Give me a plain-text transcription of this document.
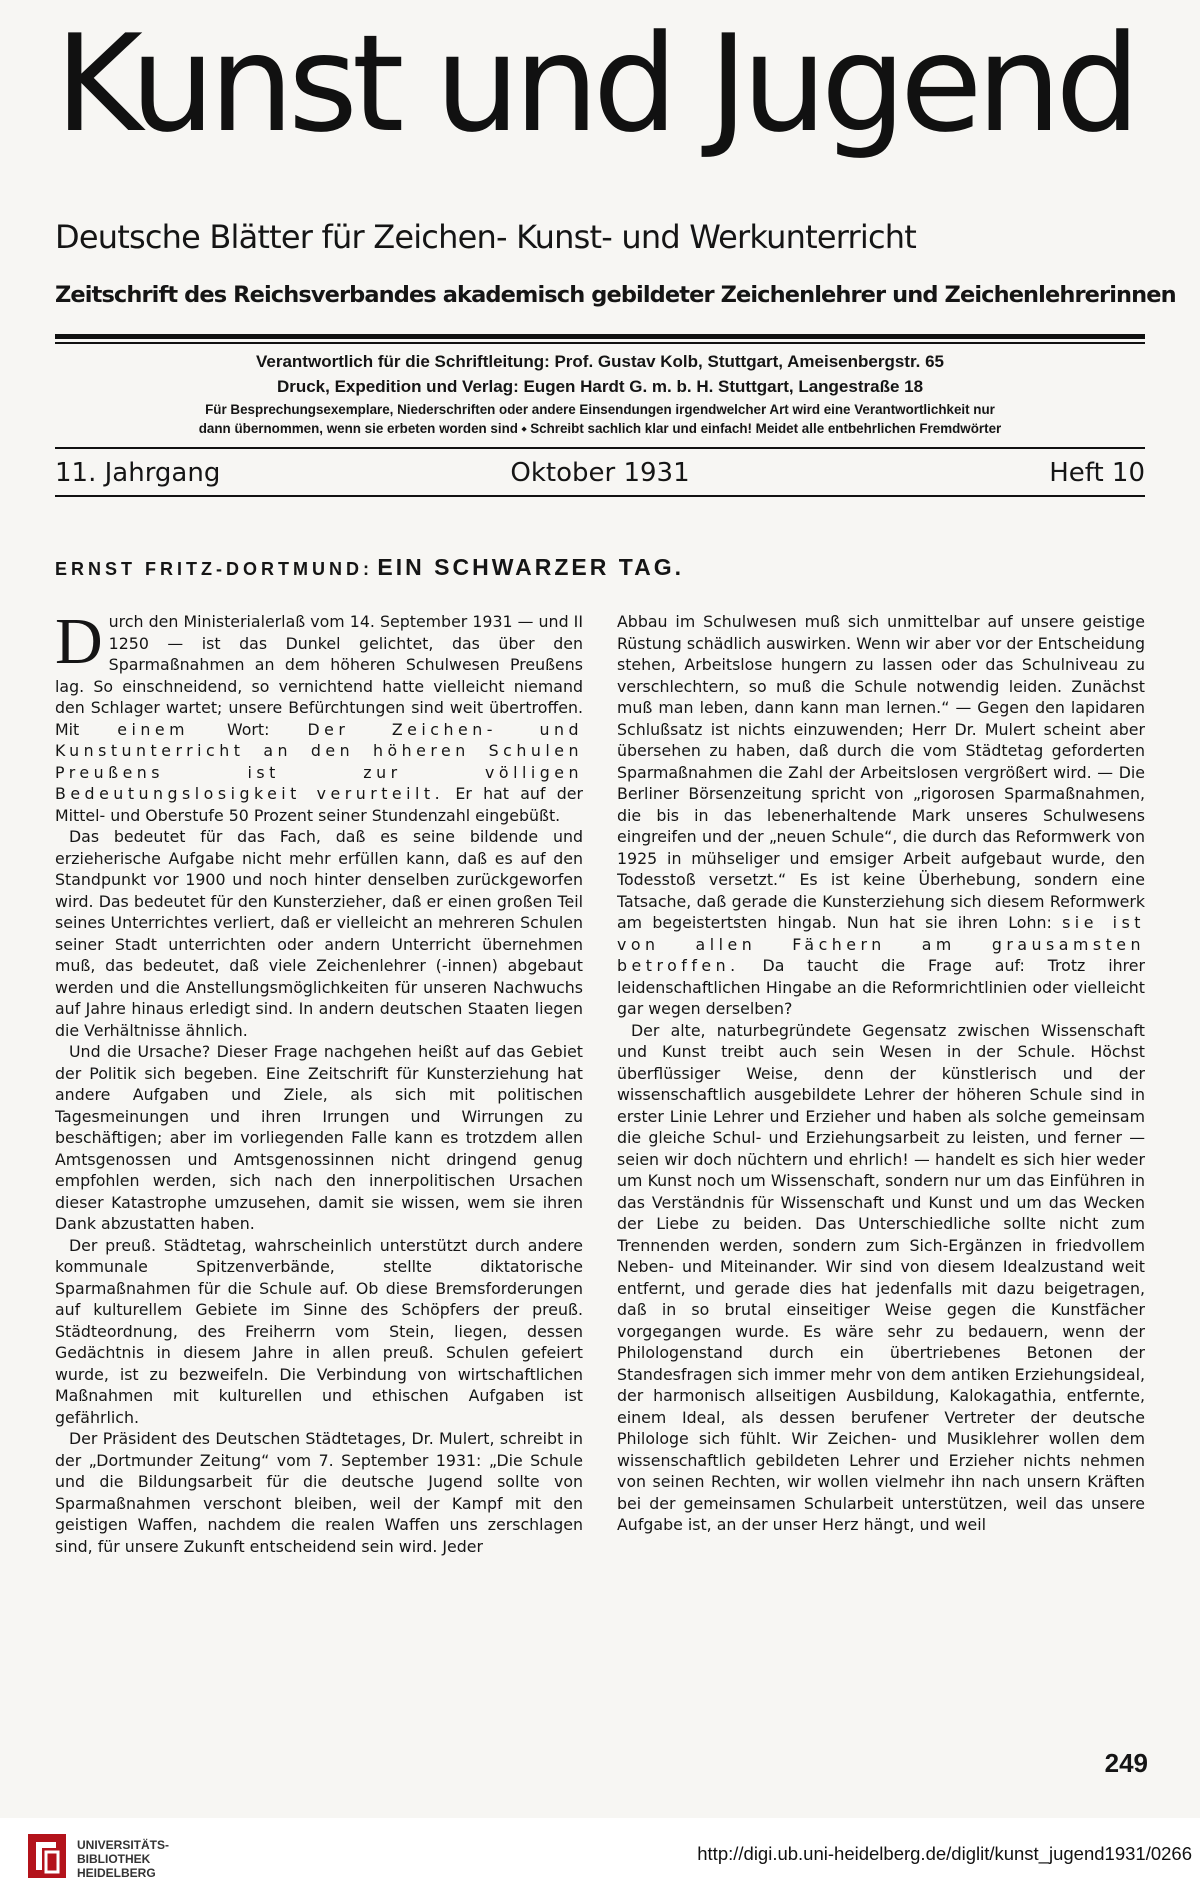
Kunst und Jugend
Deutsche Blätter für Zeichen- Kunst- und Werkunterricht
Zeitschrift des Reichsverbandes akademisch gebildeter Zeichenlehrer und Zeichenlehrerinnen
Verantwortlich für die Schriftleitung: Prof. Gustav Kolb, Stuttgart, Ameisenbergstr. 65
Druck, Expedition und Verlag: Eugen Hardt G. m. b. H. Stuttgart, Langestraße 18
Für Besprechungsexemplare, Niederschriften oder andere Einsendungen irgendwelcher Art wird eine Verantwortlichkeit nur
dann übernommen, wenn sie erbeten worden sind ⬩ Schreibt sachlich klar und einfach! Meidet alle entbehrlichen Fremdwörter
11. Jahrgang	Oktober 1931	Heft 10
ERNST FRITZ-DORTMUND: EIN SCHWARZER TAG.

Durch den Ministerialerlaß vom 14. September 1931 — und II 1250 — ist das Dunkel gelichtet, das über den Sparmaßnahmen an dem höheren Schulwesen Preußens lag. So einschneidend, so vernichtend hatte vielleicht niemand den Schlager wartet; unsere Befürchtungen sind weit übertroffen. Mit einem Wort: Der Zeichen- und Kunstunterricht an den höheren Schulen Preußens ist zur völligen Bedeutungslosigkeit verurteilt. Er hat auf der Mittel- und Oberstufe 50 Prozent seiner Stundenzahl eingebüßt.

Das bedeutet für das Fach, daß es seine bildende und erzieherische Aufgabe nicht mehr erfüllen kann, daß es auf den Standpunkt vor 1900 und noch hinter denselben zurückgeworfen wird. Das bedeutet für den Kunsterzieher, daß er einen großen Teil seines Unterrichtes verliert, daß er vielleicht an mehreren Schulen seiner Stadt unterrichten oder andern Unterricht übernehmen muß, das bedeutet, daß viele Zeichenlehrer (-innen) abgebaut werden und die Anstellungsmöglichkeiten für unseren Nachwuchs auf Jahre hinaus erledigt sind. In andern deutschen Staaten liegen die Verhältnisse ähnlich.

Und die Ursache? Dieser Frage nachgehen heißt auf das Gebiet der Politik sich begeben. Eine Zeitschrift für Kunsterziehung hat andere Aufgaben und Ziele, als sich mit politischen Tagesmeinungen und ihren Irrungen und Wirrungen zu beschäftigen; aber im vorliegenden Falle kann es trotzdem allen Amtsgenossen und Amtsgenossinnen nicht dringend genug empfohlen werden, sich nach den innerpolitischen Ursachen dieser Katastrophe umzusehen, damit sie wissen, wem sie ihren Dank abzustatten haben.

Der preuß. Städtetag, wahrscheinlich unterstützt durch andere kommunale Spitzenverbände, stellte diktatorische Sparmaßnahmen für die Schule auf. Ob diese Bremsforderungen auf kulturellem Gebiete im Sinne des Schöpfers der preuß. Städteordnung, des Freiherrn vom Stein, liegen, dessen Gedächtnis in diesem Jahre in allen preuß. Schulen gefeiert wurde, ist zu bezweifeln. Die Verbindung von wirtschaftlichen Maßnahmen mit kulturellen und ethischen Aufgaben ist gefährlich.

Der Präsident des Deutschen Städtetages, Dr. Mulert, schreibt in der „Dortmunder Zeitung“ vom 7. September 1931: „Die Schule und die Bildungsarbeit für die deutsche Jugend sollte von Sparmaßnahmen verschont bleiben, weil der Kampf mit den geistigen Waffen, nachdem die realen Waffen uns zerschlagen sind, für unsere Zukunft entscheidend sein wird. Jeder

Abbau im Schulwesen muß sich unmittelbar auf unsere geistige Rüstung schädlich auswirken. Wenn wir aber vor der Entscheidung stehen, Arbeitslose hungern zu lassen oder das Schulniveau zu verschlechtern, so muß die Schule notwendig leiden. Zunächst muß man leben, dann kann man lernen.“ — Gegen den lapidaren Schlußsatz ist nichts einzuwenden; Herr Dr. Mulert scheint aber übersehen zu haben, daß durch die vom Städtetag geforderten Sparmaßnahmen die Zahl der Arbeitslosen vergrößert wird. — Die Berliner Börsenzeitung spricht von „rigorosen Sparmaßnahmen, die bis in das lebenerhaltende Mark unseres Schulwesens eingreifen und der „neuen Schule“, die durch das Reformwerk von 1925 in mühseliger und emsiger Arbeit aufgebaut wurde, den Todesstoß versetzt.“ Es ist keine Überhebung, sondern eine Tatsache, daß gerade die Kunsterziehung sich diesem Reformwerk am begeistertsten hingab. Nun hat sie ihren Lohn: sie ist von allen Fächern am grausamsten betroffen. Da taucht die Frage auf: Trotz ihrer leidenschaftlichen Hingabe an die Reformrichtlinien oder vielleicht gar wegen derselben?

Der alte, naturbegründete Gegensatz zwischen Wissenschaft und Kunst treibt auch sein Wesen in der Schule. Höchst überflüssiger Weise, denn der künstlerisch und der wissenschaftlich ausgebildete Lehrer der höheren Schule sind in erster Linie Lehrer und Erzieher und haben als solche gemeinsam die gleiche Schul- und Erziehungsarbeit zu leisten, und ferner — seien wir doch nüchtern und ehrlich! — handelt es sich hier weder um Kunst noch um Wissenschaft, sondern nur um das Einführen in das Verständnis für Wissenschaft und Kunst und um das Wecken der Liebe zu beiden. Das Unterschiedliche sollte nicht zum Trennenden werden, sondern zum Sich-Ergänzen in friedvollem Neben- und Miteinander. Wir sind von diesem Idealzustand weit entfernt, und gerade dies hat jedenfalls mit dazu beigetragen, daß in so brutal einseitiger Weise gegen die Kunstfächer vorgegangen wurde. Es wäre sehr zu bedauern, wenn der Philologenstand durch ein übertriebenes Betonen der Standesfragen sich immer mehr von dem antiken Erziehungsideal, der harmonisch allseitigen Ausbildung, Kalokagathia, entfernte, einem Ideal, als dessen berufener Vertreter der deutsche Philologe sich fühlt. Wir Zeichen- und Musiklehrer wollen dem wissenschaftlich gebildeten Lehrer und Erzieher nichts nehmen von seinen Rechten, wir wollen vielmehr ihn nach unsern Kräften bei der gemeinsamen Schularbeit unterstützen, weil das unsere Aufgabe ist, an der unser Herz hängt, und weil

249
UNIVERSITÄTS-
BIBLIOTHEK
HEIDELBERG
http://digi.ub.uni-heidelberg.de/diglit/kunst_jugend1931/0266
